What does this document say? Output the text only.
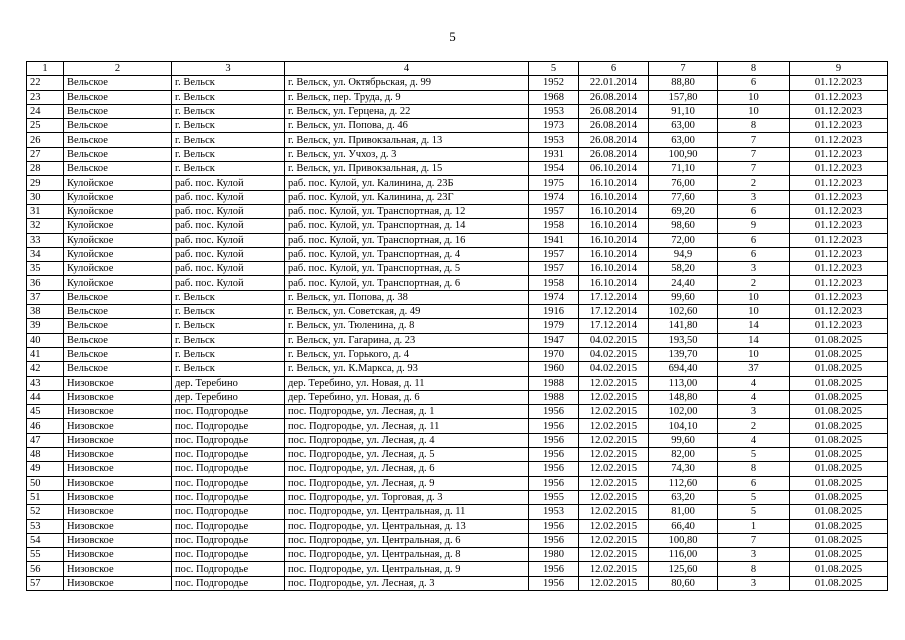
5
1	2	3	4	5	6	7	8	9
22	Вельское	г. Вельск	г. Вельск, ул. Октябрьская, д. 99	1952	22.01.2014	88,80	6	01.12.2023
23	Вельское	г. Вельск	г. Вельск, пер. Труда, д. 9	1968	26.08.2014	157,80	10	01.12.2023
24	Вельское	г. Вельск	г. Вельск, ул. Герцена, д. 22	1953	26.08.2014	91,10	10	01.12.2023
25	Вельское	г. Вельск	г. Вельск, ул. Попова, д. 46	1973	26.08.2014	63,00	8	01.12.2023
26	Вельское	г. Вельск	г. Вельск, ул. Привокзальная, д. 13	1953	26.08.2014	63,00	7	01.12.2023
27	Вельское	г. Вельск	г. Вельск, ул. Учхоз, д. 3	1931	26.08.2014	100,90	7	01.12.2023
28	Вельское	г. Вельск	г. Вельск, ул. Привокзальная, д. 15	1954	06.10.2014	71,10	7	01.12.2023
29	Кулойское	раб. пос. Кулой	раб. пос. Кулой, ул. Калинина, д. 23Б	1975	16.10.2014	76,00	2	01.12.2023
30	Кулойское	раб. пос. Кулой	раб. пос. Кулой, ул. Калинина, д. 23Г	1974	16.10.2014	77,60	3	01.12.2023
31	Кулойское	раб. пос. Кулой	раб. пос. Кулой, ул. Транспортная, д. 12	1957	16.10.2014	69,20	6	01.12.2023
32	Кулойское	раб. пос. Кулой	раб. пос. Кулой, ул. Транспортная, д. 14	1958	16.10.2014	98,60	9	01.12.2023
33	Кулойское	раб. пос. Кулой	раб. пос. Кулой, ул. Транспортная, д. 16	1941	16.10.2014	72,00	6	01.12.2023
34	Кулойское	раб. пос. Кулой	раб. пос. Кулой, ул. Транспортная, д. 4	1957	16.10.2014	94,9	6	01.12.2023
35	Кулойское	раб. пос. Кулой	раб. пос. Кулой, ул. Транспортная, д. 5	1957	16.10.2014	58,20	3	01.12.2023
36	Кулойское	раб. пос. Кулой	раб. пос. Кулой, ул. Транспортная, д. 6	1958	16.10.2014	24,40	2	01.12.2023
37	Вельское	г. Вельск	г. Вельск, ул. Попова, д. 38	1974	17.12.2014	99,60	10	01.12.2023
38	Вельское	г. Вельск	г. Вельск, ул. Советская, д. 49	1916	17.12.2014	102,60	10	01.12.2023
39	Вельское	г. Вельск	г. Вельск, ул. Тюленина, д. 8	1979	17.12.2014	141,80	14	01.12.2023
40	Вельское	г. Вельск	г. Вельск, ул. Гагарина, д. 23	1947	04.02.2015	193,50	14	01.08.2025
41	Вельское	г. Вельск	г. Вельск, ул. Горького, д. 4	1970	04.02.2015	139,70	10	01.08.2025
42	Вельское	г. Вельск	г. Вельск, ул. К.Маркса, д. 93	1960	04.02.2015	694,40	37	01.08.2025
43	Низовское	дер. Теребино	дер. Теребино, ул. Новая, д. 11	1988	12.02.2015	113,00	4	01.08.2025
44	Низовское	дер. Теребино	дер. Теребино, ул. Новая, д. 6	1988	12.02.2015	148,80	4	01.08.2025
45	Низовское	пос. Подгородье	пос. Подгородье, ул. Лесная, д. 1	1956	12.02.2015	102,00	3	01.08.2025
46	Низовское	пос. Подгородье	пос. Подгородье, ул. Лесная, д. 11	1956	12.02.2015	104,10	2	01.08.2025
47	Низовское	пос. Подгородье	пос. Подгородье, ул. Лесная, д. 4	1956	12.02.2015	99,60	4	01.08.2025
48	Низовское	пос. Подгородье	пос. Подгородье, ул. Лесная, д. 5	1956	12.02.2015	82,00	5	01.08.2025
49	Низовское	пос. Подгородье	пос. Подгородье, ул. Лесная, д. 6	1956	12.02.2015	74,30	8	01.08.2025
50	Низовское	пос. Подгородье	пос. Подгородье, ул. Лесная, д. 9	1956	12.02.2015	112,60	6	01.08.2025
51	Низовское	пос. Подгородье	пос. Подгородье, ул. Торговая, д. 3	1955	12.02.2015	63,20	5	01.08.2025
52	Низовское	пос. Подгородье	пос. Подгородье, ул. Центральная, д. 11	1953	12.02.2015	81,00	5	01.08.2025
53	Низовское	пос. Подгородье	пос. Подгородье, ул. Центральная, д. 13	1956	12.02.2015	66,40	1	01.08.2025
54	Низовское	пос. Подгородье	пос. Подгородье, ул. Центральная, д. 6	1956	12.02.2015	100,80	7	01.08.2025
55	Низовское	пос. Подгородье	пос. Подгородье, ул. Центральная, д. 8	1980	12.02.2015	116,00	3	01.08.2025
56	Низовское	пос. Подгородье	пос. Подгородье, ул. Центральная, д. 9	1956	12.02.2015	125,60	8	01.08.2025
57	Низовское	пос. Подгородье	пос. Подгородье, ул. Лесная, д. 3	1956	12.02.2015	80,60	3	01.08.2025
